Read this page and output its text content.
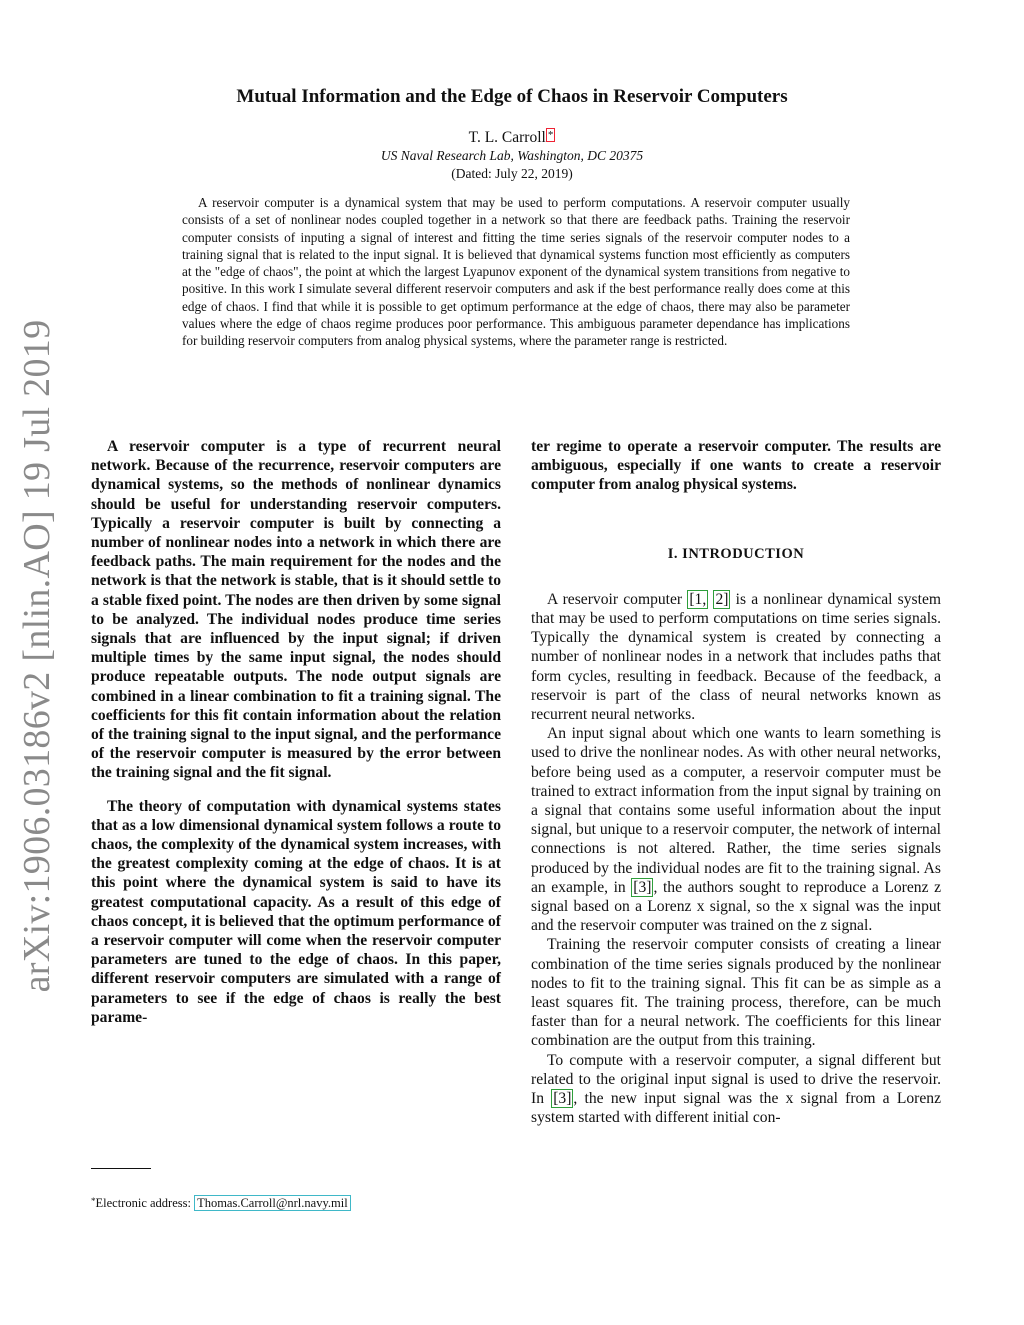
arXiv:1906.03186v2 [nlin.AO] 19 Jul 2019
Mutual Information and the Edge of Chaos in Reservoir Computers
T. L. Carroll *
US Naval Research Lab, Washington, DC 20375
(Dated: July 22, 2019)

A reservoir computer is a dynamical system that may be used to perform computations. A reservoir computer usually consists of a set of nonlinear nodes coupled together in a network so that there are feedback paths. Training the reservoir computer consists of inputing a signal of interest and fitting the time series signals of the reservoir computer nodes to a training signal that is related to the input signal. It is believed that dynamical systems function most efficiently as computers at the "edge of chaos", the point at which the largest Lyapunov exponent of the dynamical system transitions from negative to positive. In this work I simulate several different reservoir computers and ask if the best performance really does come at this edge of chaos. I find that while it is possible to get optimum performance at the edge of chaos, there may also be parameter values where the edge of chaos regime produces poor performance. This ambiguous parameter dependance has implications for building reservoir computers from analog physical systems, where the parameter range is restricted.

A reservoir computer is a type of recurrent neural network. Because of the recurrence, reservoir computers are dynamical systems, so the methods of nonlinear dynamics should be useful for understanding reservoir computers. Typically a reservoir computer is built by connecting a number of nonlinear nodes into a network in which there are feedback paths. The main requirement for the nodes and the network is that the network is stable, that is it should settle to a stable fixed point. The nodes are then driven by some signal to be analyzed. The individual nodes produce time series signals that are influenced by the input signal; if driven multiple times by the same input signal, the nodes should produce repeatable outputs. The node output signals are combined in a linear combination to fit a training signal. The coefficients for this fit contain information about the relation of the training signal to the input signal, and the performance of the reservoir computer is measured by the error between the training signal and the fit signal.

The theory of computation with dynamical systems states that as a low dimensional dynamical system follows a route to chaos, the complexity of the dynamical system increases, with the greatest complexity coming at the edge of chaos. It is at this point where the dynamical system is said to have its greatest computational capacity. As a result of this edge of chaos concept, it is believed that the optimum performance of a reservoir computer will come when the reservoir computer parameters are tuned to the edge of chaos. In this paper, different reservoir computers are simulated with a range of parameters to see if the edge of chaos is really the best parame-

ter regime to operate a reservoir computer. The results are ambiguous, especially if one wants to create a reservoir computer from analog physical systems.

I. INTRODUCTION

A reservoir computer [1, 2] is a nonlinear dynamical system that may be used to perform computations on time series signals. Typically the dynamical system is created by connecting a number of nonlinear nodes in a network that includes paths that form cycles, resulting in feedback. Because of the feedback, a reservoir is part of the class of neural networks known as recurrent neural networks.

An input signal about which one wants to learn something is used to drive the nonlinear nodes. As with other neural networks, before being used as a computer, a reservoir computer must be trained to extract information from the input signal by training on a signal that contains some useful information about the input signal, but unique to a reservoir computer, the network of internal connections is not altered. Rather, the time series signals produced by the individual nodes are fit to the training signal. As an example, in [3] , the authors sought to reproduce a Lorenz z signal based on a Lorenz x signal, so the x signal was the input and the reservoir computer was trained on the z signal.

Training the reservoir computer consists of creating a linear combination of the time series signals produced by the nonlinear nodes to fit to the training signal. This fit can be as simple as a least squares fit. The training process, therefore, can be much faster than for a neural network. The coefficients for this linear combination are the output from this training.

To compute with a reservoir computer, a signal different but related to the original input signal is used to drive the reservoir. In [3] , the new input signal was the x signal from a Lorenz system started with different initial con-

*Electronic address: Thomas.Carroll@nrl.navy.mil
